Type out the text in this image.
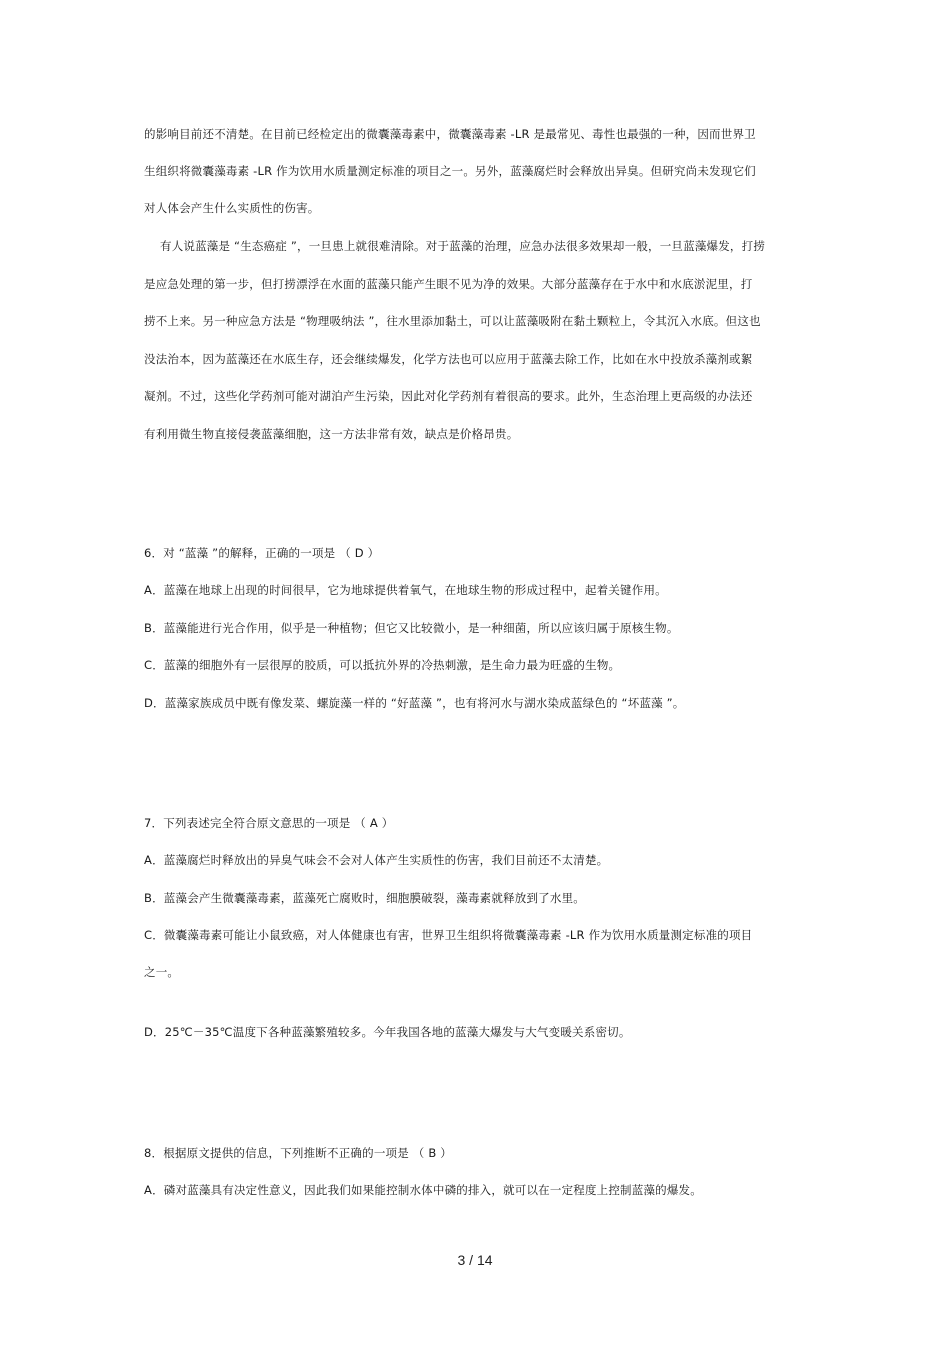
的影响目前还不清楚。在目前已经检定出的微囊藻毒素中，微囊藻毒素 -LR 是最常见、毒性也最强的一种，因而世界卫
生组织将微囊藻毒素 -LR 作为饮用水质量测定标准的项目之一。另外，蓝藻腐烂时会释放出异臭。但研究尚未发现它们
对人体会产生什么实质性的伤害。
有人说蓝藻是 “生态癌症 ”，一旦患上就很难清除。对于蓝藻的治理，应急办法很多效果却一般，一旦蓝藻爆发，打捞
是应急处理的第一步，但打捞漂浮在水面的蓝藻只能产生眼不见为净的效果。大部分蓝藻存在于水中和水底淤泥里，打
捞不上来。另一种应急方法是 “物理吸纳法 ”，往水里添加黏土，可以让蓝藻吸附在黏土颗粒上，令其沉入水底。但这也
没法治本，因为蓝藻还在水底生存，还会继续爆发，化学方法也可以应用于蓝藻去除工作，比如在水中投放杀藻剂或絮
凝剂。不过，这些化学药剂可能对湖泊产生污染，因此对化学药剂有着很高的要求。此外，生态治理上更高级的办法还
有利用微生物直接侵袭蓝藻细胞，这一方法非常有效，缺点是价格昂贵。
6．对 “蓝藻 ”的解释，正确的一项是 （ D ）
A．蓝藻在地球上出现的时间很早，它为地球提供着氧气，在地球生物的形成过程中，起着关键作用。
B．蓝藻能进行光合作用，似乎是一种植物；但它又比较微小，是一种细菌，所以应该归属于原核生物。
C．蓝藻的细胞外有一层很厚的胶质，可以抵抗外界的冷热刺激，是生命力最为旺盛的生物。
D．蓝藻家族成员中既有像发菜、螺旋藻一样的 “好蓝藻 ”，也有将河水与湖水染成蓝绿色的 “坏蓝藻 ”。
7．下列表述完全符合原文意思的一项是 （ A ）
A．蓝藻腐烂时释放出的异臭气味会不会对人体产生实质性的伤害，我们目前还不太清楚。
B．蓝藻会产生微囊藻毒素，蓝藻死亡腐败时，细胞膜破裂，藻毒素就释放到了水里。
C．微囊藻毒素可能让小鼠致癌，对人体健康也有害，世界卫生组织将微囊藻毒素 -LR 作为饮用水质量测定标准的项目
之一。
D．25℃－35℃温度下各种蓝藻繁殖较多。今年我国各地的蓝藻大爆发与大气变暖关系密切。
8．根据原文提供的信息，下列推断不正确的一项是 （ B ）
A．磷对蓝藻具有决定性意义，因此我们如果能控制水体中磷的排入，就可以在一定程度上控制蓝藻的爆发。
3 / 14
